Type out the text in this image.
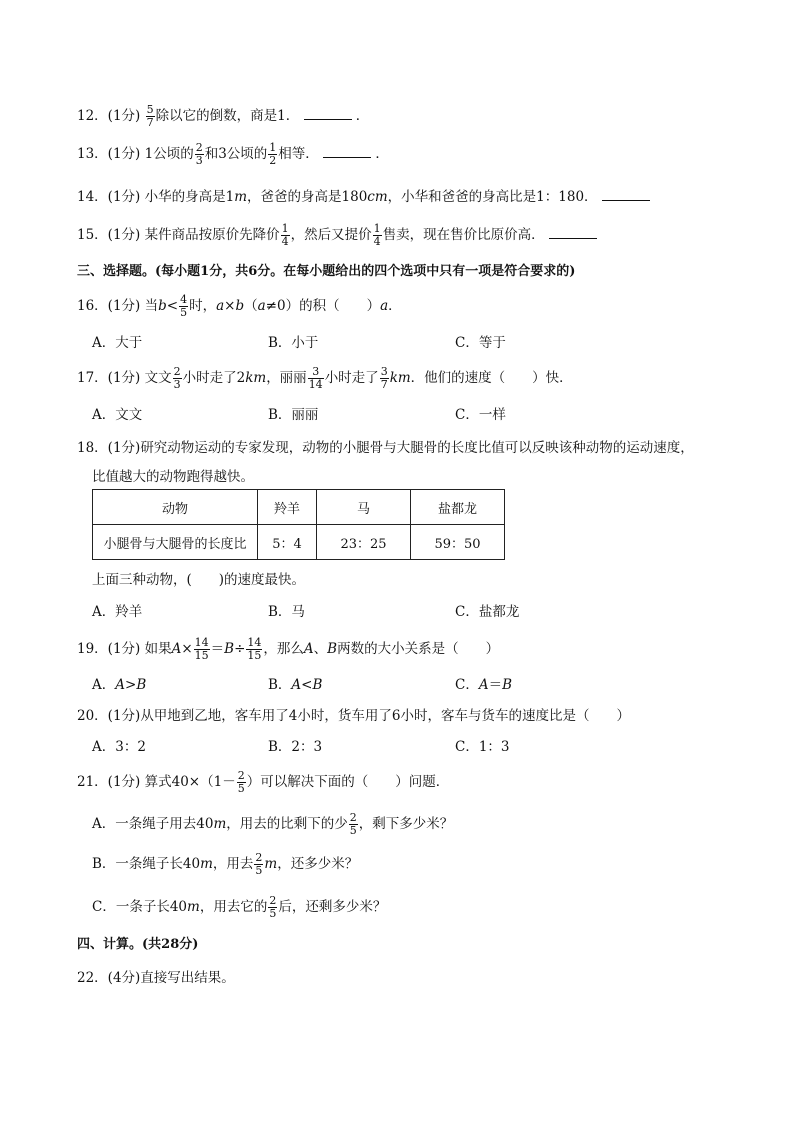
12．(1分) $\frac{5}{7}$ 除以它的倒数，商是1．	．
13．(1分) 1公顷的 $\frac{2}{3}$ 和3公顷的 $\frac{1}{2}$ 相等．	．
14．(1分) 小华的身高是1m，爸爸的身高是180cm，小华和爸爸的身高比是1：180．
15．(1分) 某件商品按原价先降价 $\frac{1}{4}$ ，然后又提价 $\frac{1}{4}$ 售卖，现在售价比原价高．
三、选择题。(每小题1分，共6分。在每小题给出的四个选项中只有一项是符合要求的)
16．(1分) 当$b< \frac{4}{5}$ 时，a×b（a≠0）的积（　　）a．
A．大于	B．小于	C．等于
17．(1分) 文文 $\frac{2}{3}$ 小时走了2km，丽丽 $\frac{3}{14}$ 小时走了 $\frac{3}{7}$ km．他们的速度（　　）快．
A．文文	B．丽丽	C．一样
18．(1分)研究动物运动的专家发现，动物的小腿骨与大腿骨的长度比值可以反映该种动物的运动速度，
比值越大的动物跑得越快。
动物	羚羊	马	盐都龙
小腿骨与大腿骨的长度比	5：4	23：25	59：50
上面三种动物，(　　)的速度最快。
A．羚羊	B．马	C．盐都龙
19．(1分) 如果$A\times \frac{14}{15} =B\div \frac{14}{15}$ ，那么A、B两数的大小关系是（　　）
A．A>B	B．A<B	C．A＝B
20．(1分)从甲地到乙地，客车用了4小时，货车用了6小时，客车与货车的速度比是（　　）
A．3：2	B．2：3	C．1：3
21．(1分) 算式$40\times(1- \frac{2}{5}$ ）可以解决下面的（　　）问题．
A．一条绳子用去40m，用去的比剩下的少 $\frac{2}{5}$ ，剩下多少米？
B．一条绳子长40m，用去 $\frac{2}{5}$ m，还多少米？
C．一条子长40m，用去它的 $\frac{2}{5}$ 后，还剩多少米？
四、计算。(共28分)
22．(4分)直接写出结果。
